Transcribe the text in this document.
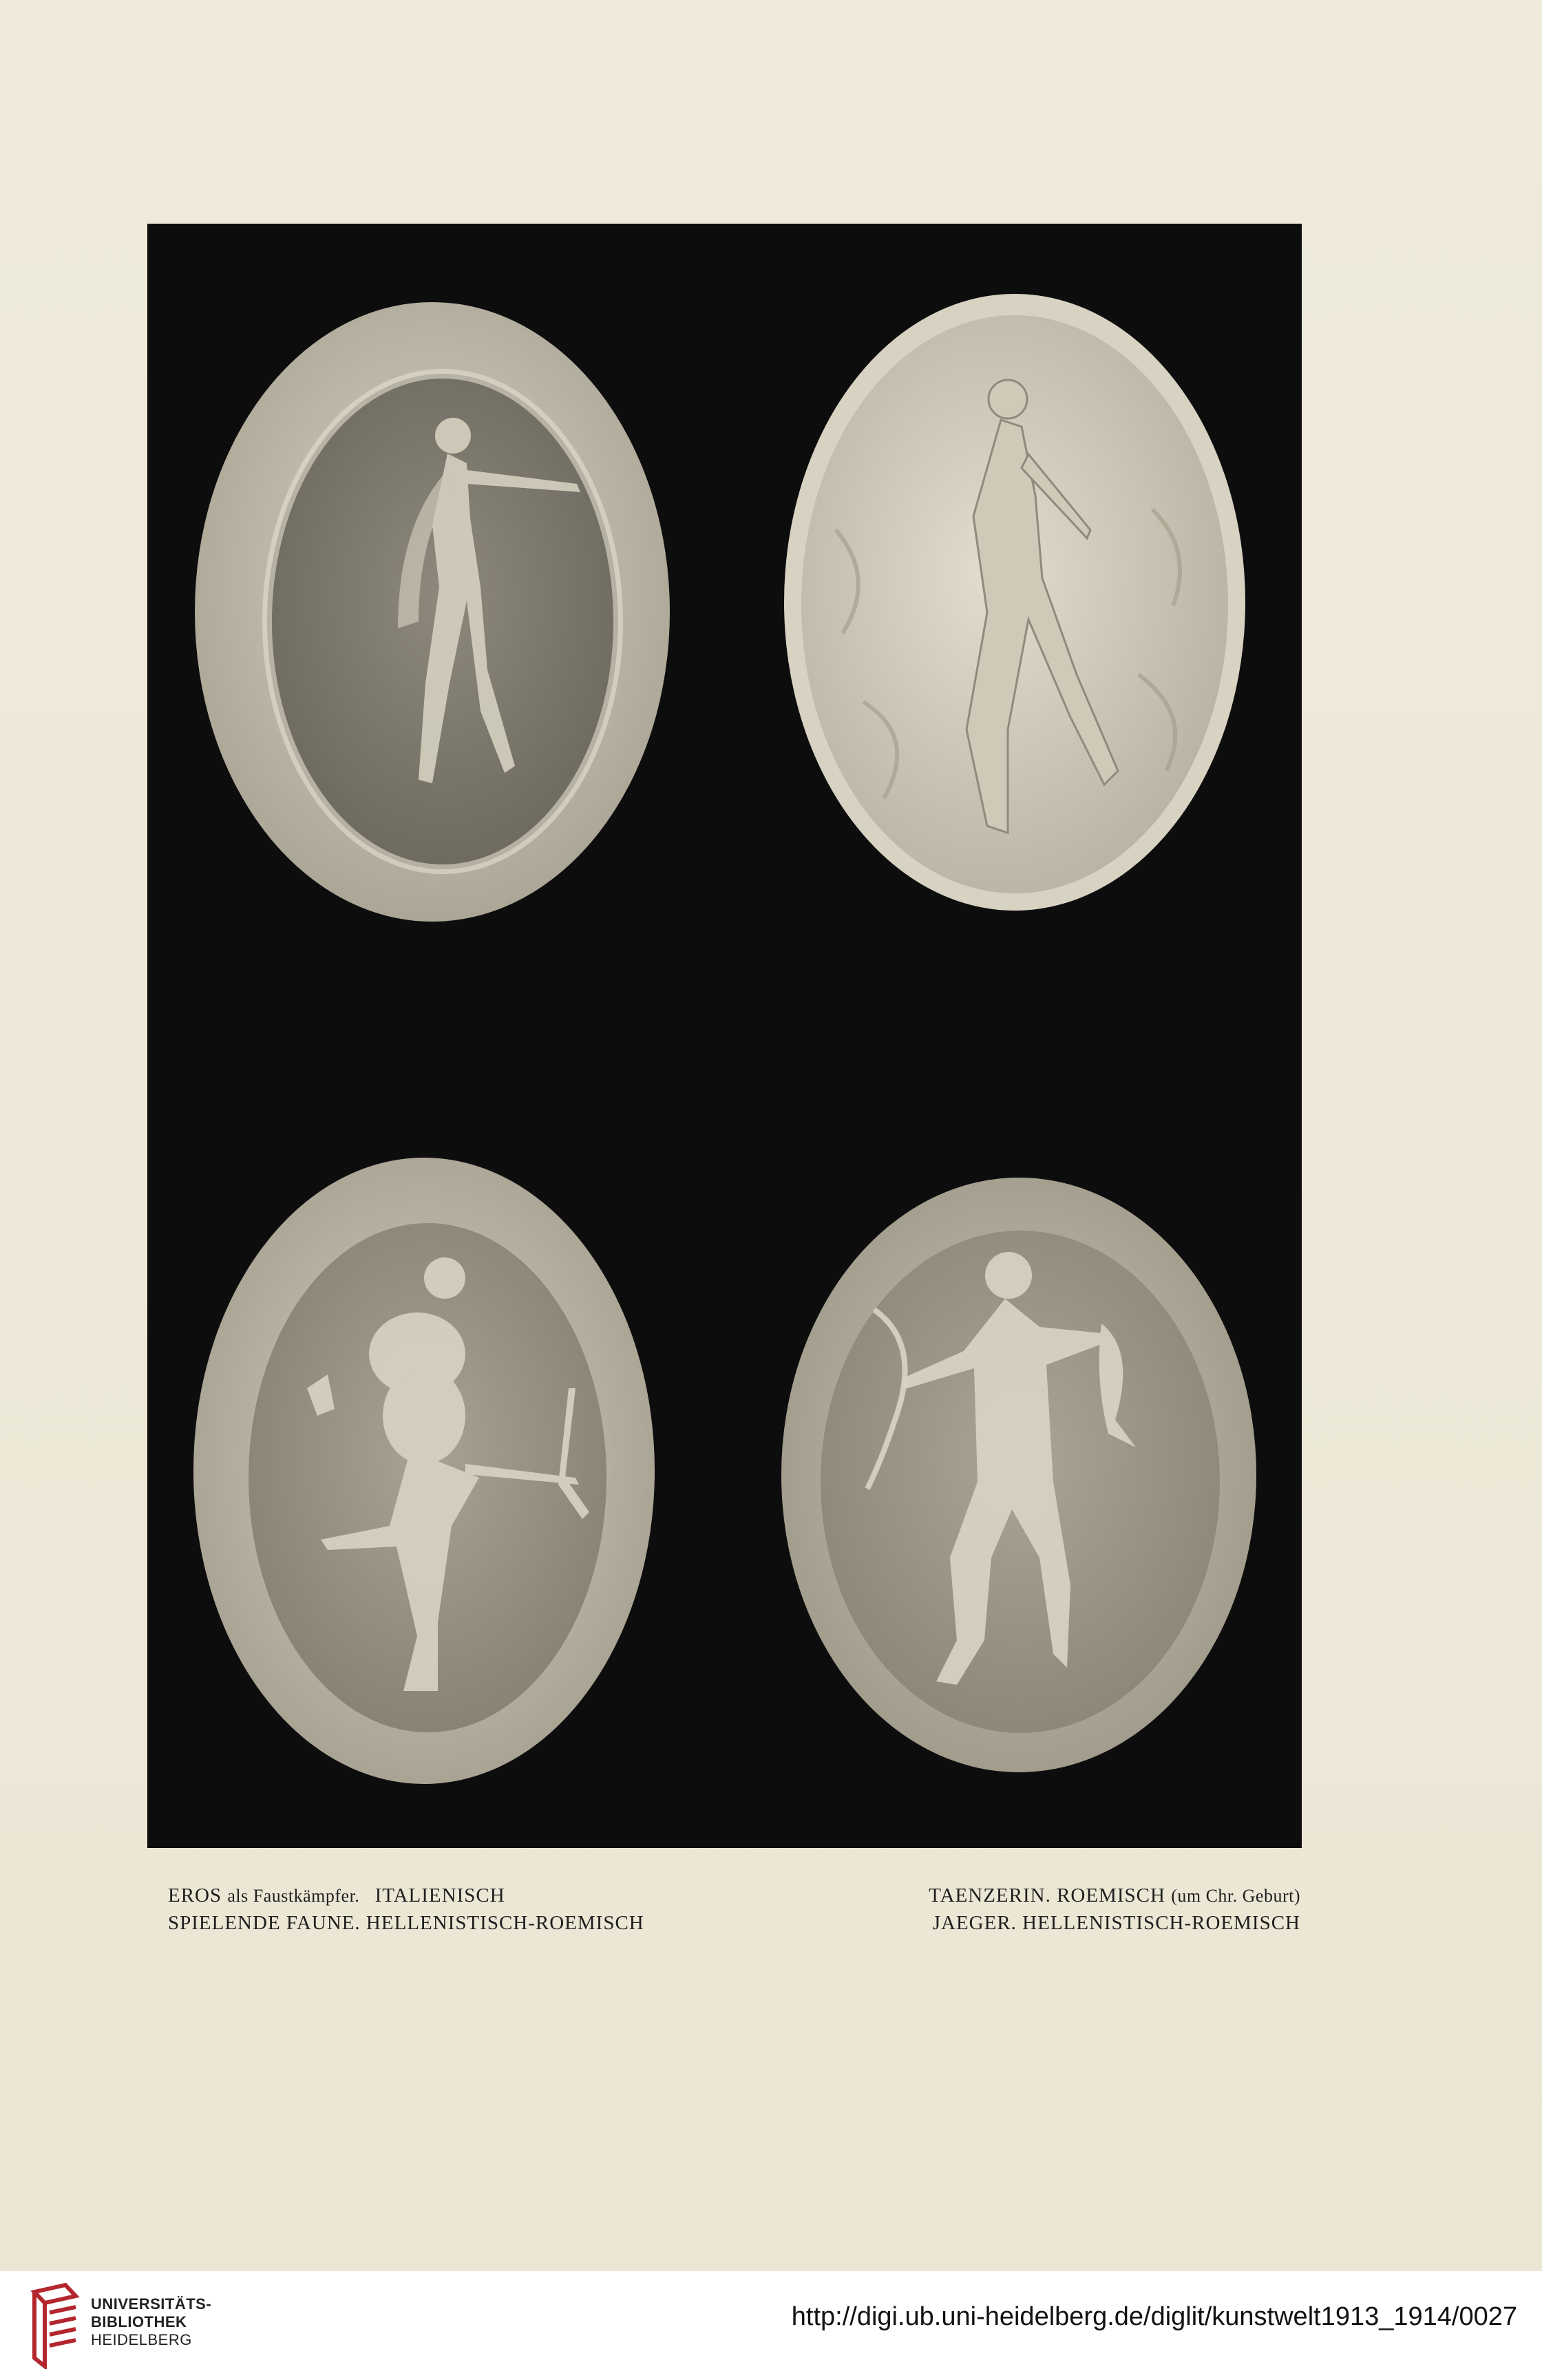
EROS als Faustkämpfer. ITALIENISCH
SPIELENDE FAUNE. HELLENISTISCH-ROEMISCH
TAENZERIN. ROEMISCH (um Chr. Geburt)
JAEGER. HELLENISTISCH-ROEMISCH
UNIVERSITÄTS-
BIBLIOTHEK
HEIDELBERG
http://digi.ub.uni-heidelberg.de/diglit/kunstwelt1913_1914/0027
